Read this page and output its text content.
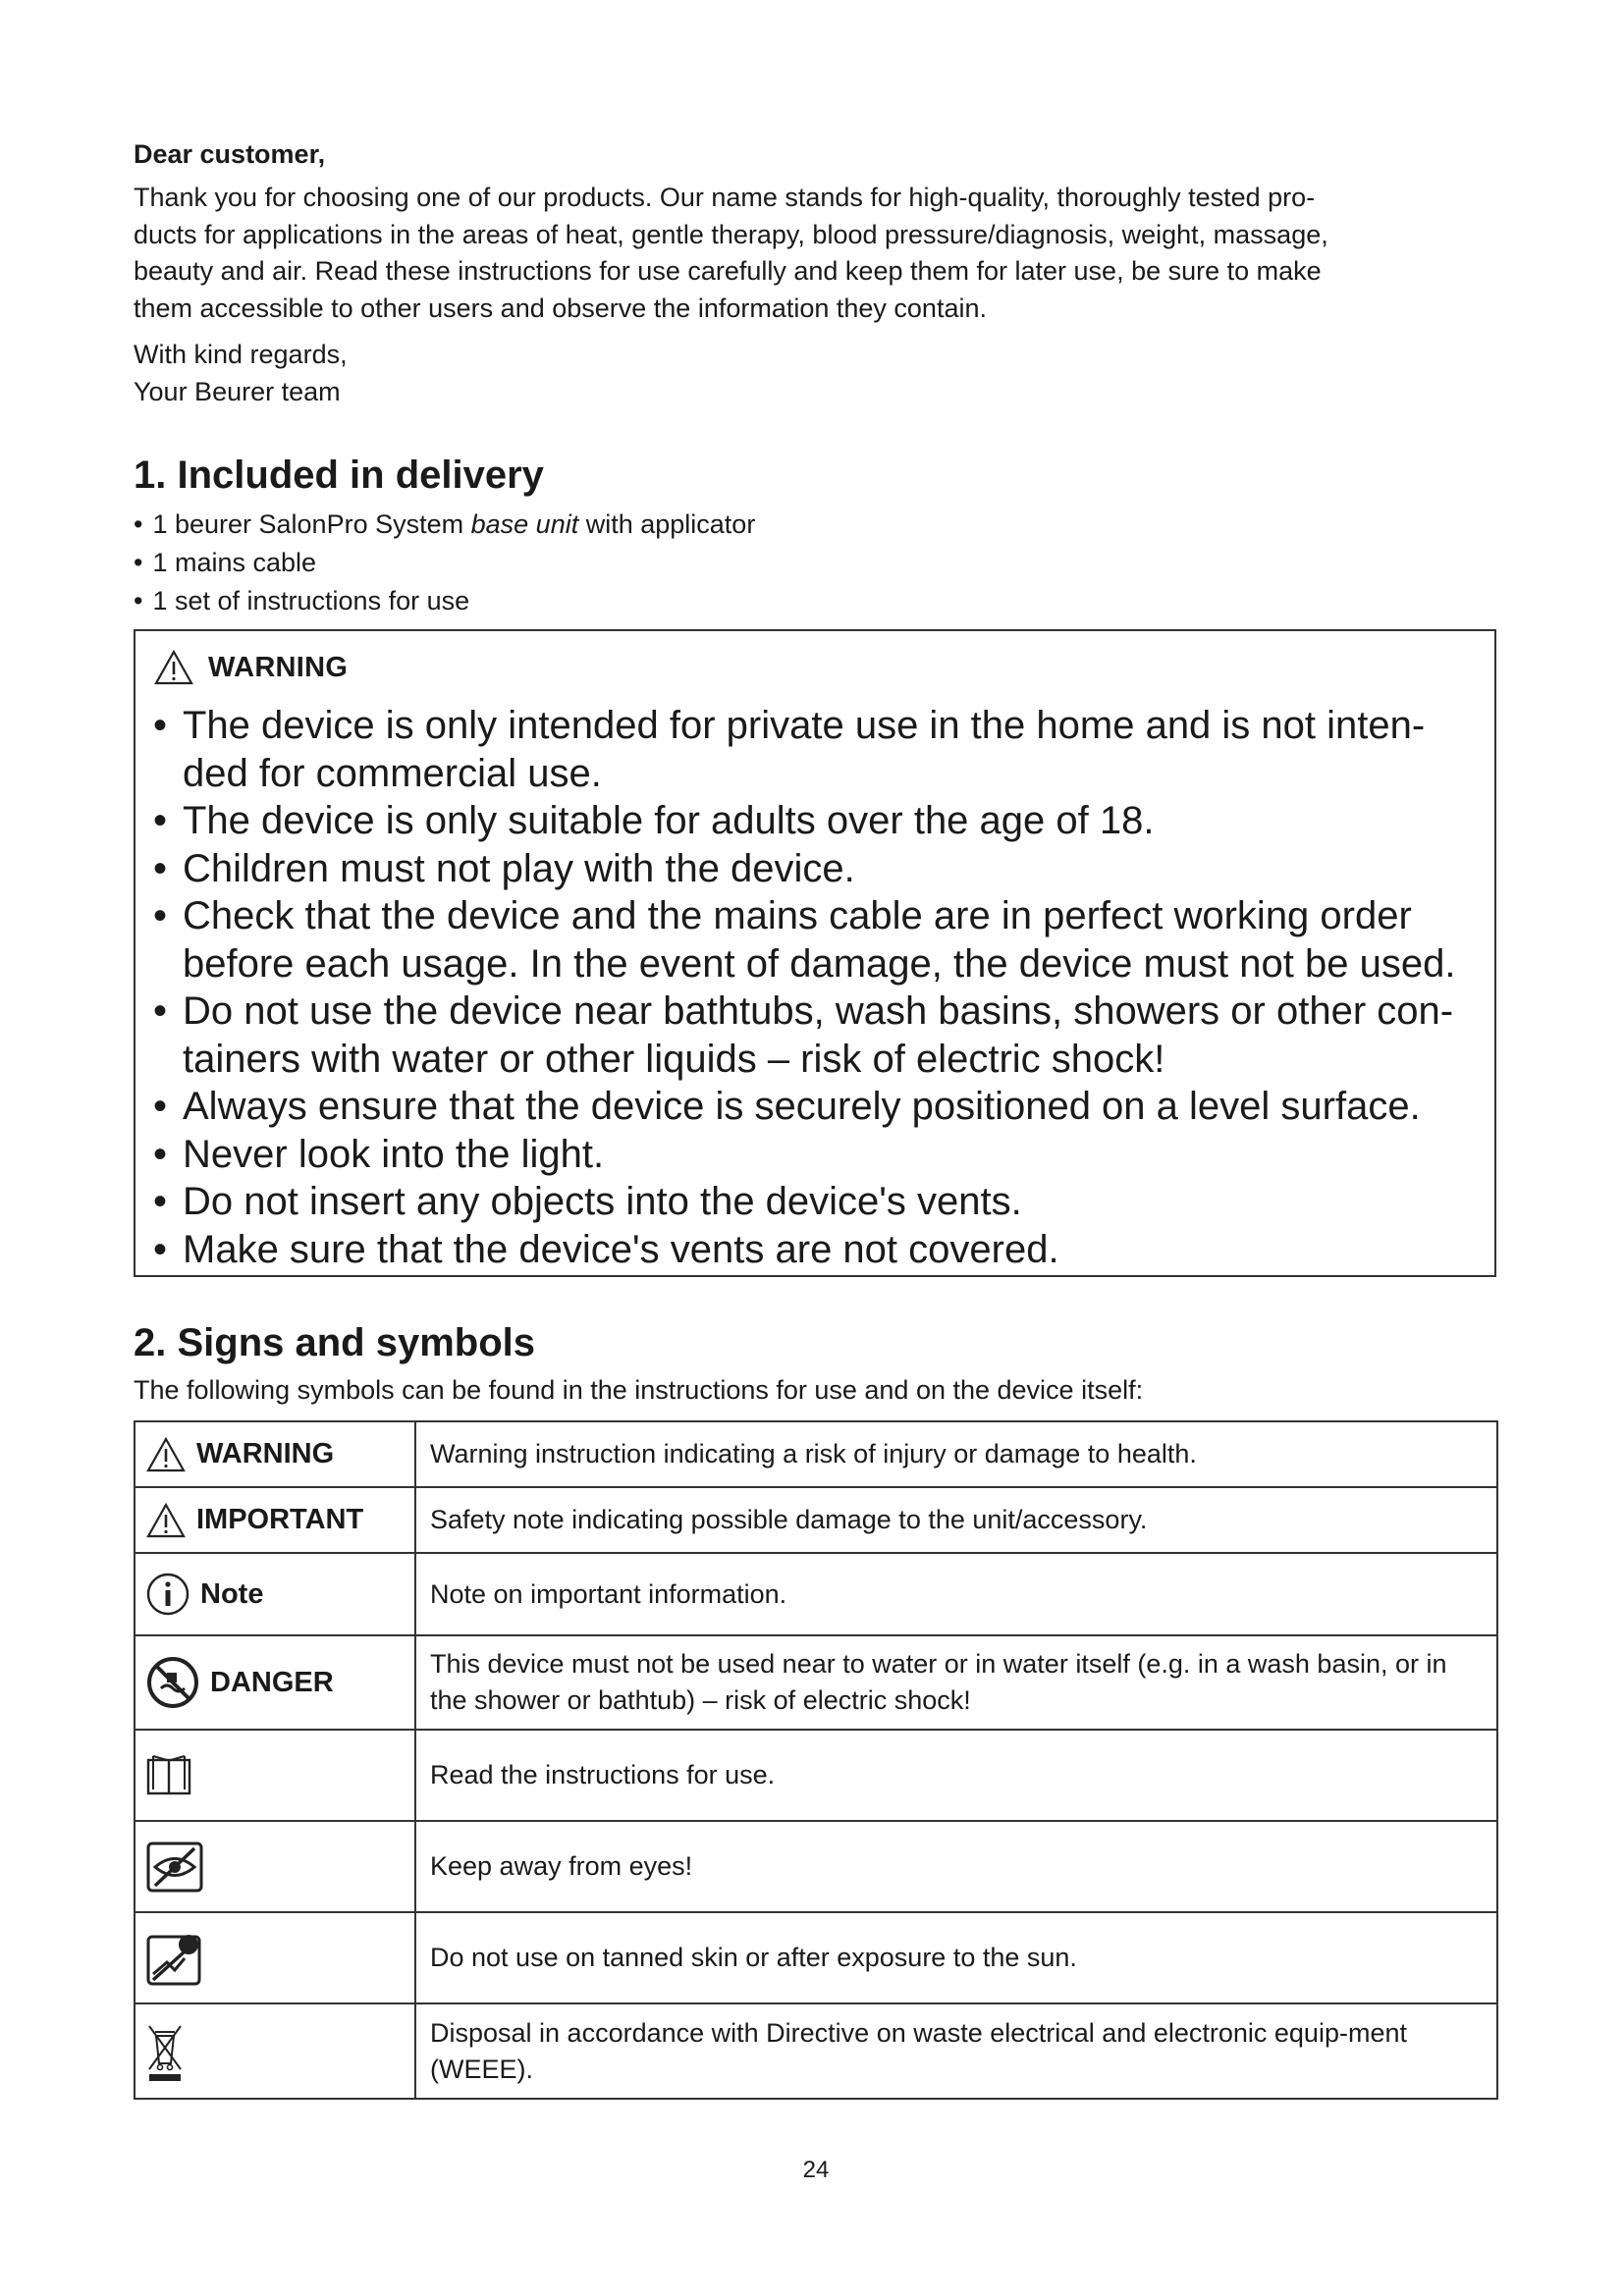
Dear customer,

Thank you for choosing one of our products. Our name stands for high-quality, thoroughly tested pro-
ducts for applications in the areas of heat, gentle therapy, blood pressure/diagnosis, weight, massage,
beauty and air. Read these instructions for use carefully and keep them for later use, be sure to make
them accessible to other users and observe the information they contain.

With kind regards,
Your Beurer team

1. Included in delivery
• 1 beurer SalonPro System base unit with applicator
• 1 mains cable
• 1 set of instructions for use
WARNING
• The device is only intended for private use in the home and is not inten-ded for commercial use.
• The device is only suitable for adults over the age of 18.
• Children must not play with the device.
• Check that the device and the mains cable are in perfect working order before each usage. In the event of damage, the device must not be used.
• Do not use the device near bathtubs, wash basins, showers or other con-tainers with water or other liquids – risk of electric shock!
• Always ensure that the device is securely positioned on a level surface.
• Never look into the light.
• Do not insert any objects into the device's vents.
• Make sure that the device's vents are not covered.
2. Signs and symbols

The following symbols can be found in the instructions for use and on the device itself:

WARNING	Warning instruction indicating a risk of injury or damage to health.

IMPORTANT	Safety note indicating possible damage to the unit/accessory.

Note	Note on important information.

DANGER	This device must not be used near to water or in water itself (e.g. in a wash basin, or in the shower or bathtub) – risk of electric shock!

	Read the instructions for use.

	Keep away from eyes!

	Do not use on tanned skin or after exposure to the sun.

	Disposal in accordance with Directive on waste electrical and electronic equip-ment (WEEE).

24
